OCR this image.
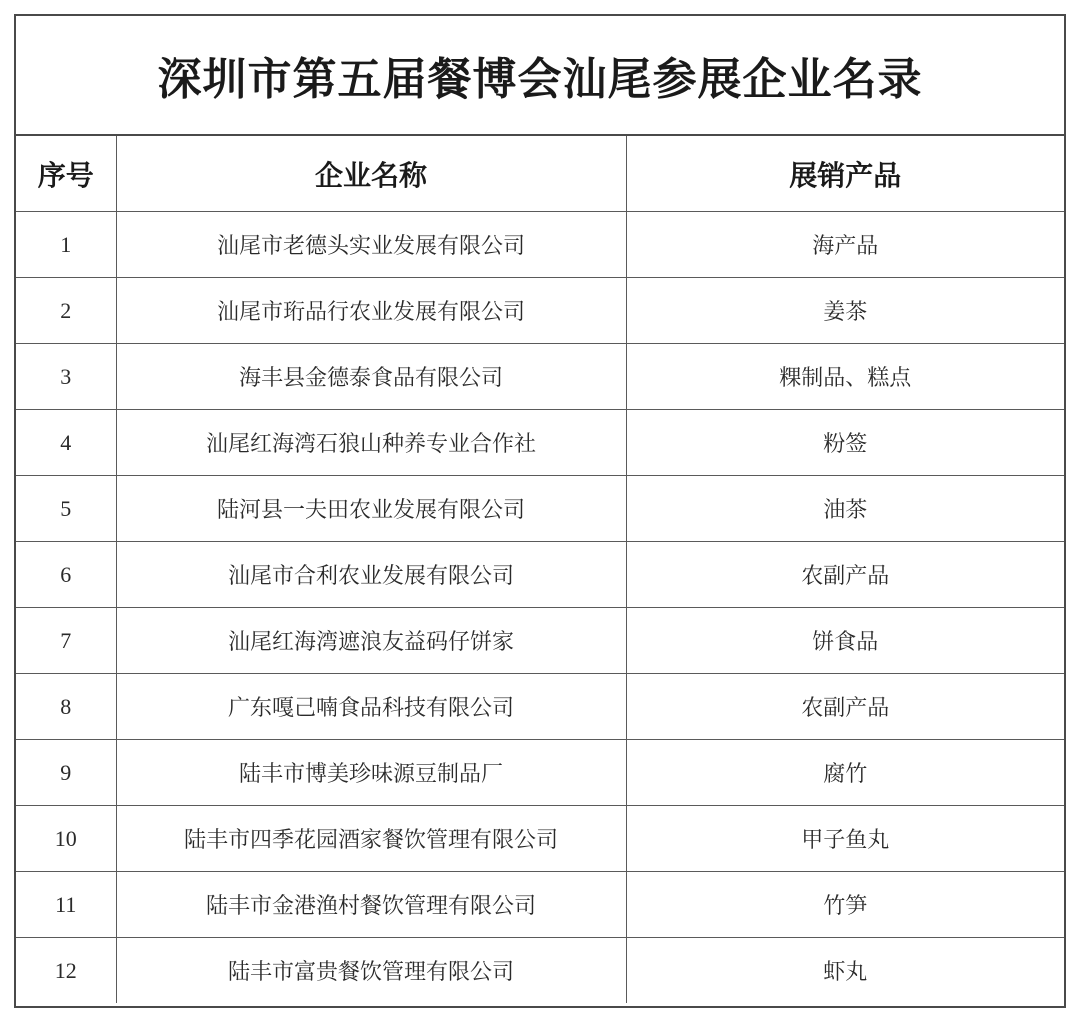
深圳市第五届餐博会汕尾参展企业名录
序号	企业名称	展销产品
1	汕尾市老德头实业发展有限公司	海产品
2	汕尾市珩品行农业发展有限公司	姜茶
3	海丰县金德泰食品有限公司	粿制品、糕点
4	汕尾红海湾石狼山种养专业合作社	粉签
5	陆河县一夫田农业发展有限公司	油茶
6	汕尾市合利农业发展有限公司	农副产品
7	汕尾红海湾遮浪友益码仔饼家	饼食品
8	广东嘎己喃食品科技有限公司	农副产品
9	陆丰市博美珍味源豆制品厂	腐竹
10	陆丰市四季花园酒家餐饮管理有限公司	甲子鱼丸
11	陆丰市金港渔村餐饮管理有限公司	竹笋
12	陆丰市富贵餐饮管理有限公司	虾丸
